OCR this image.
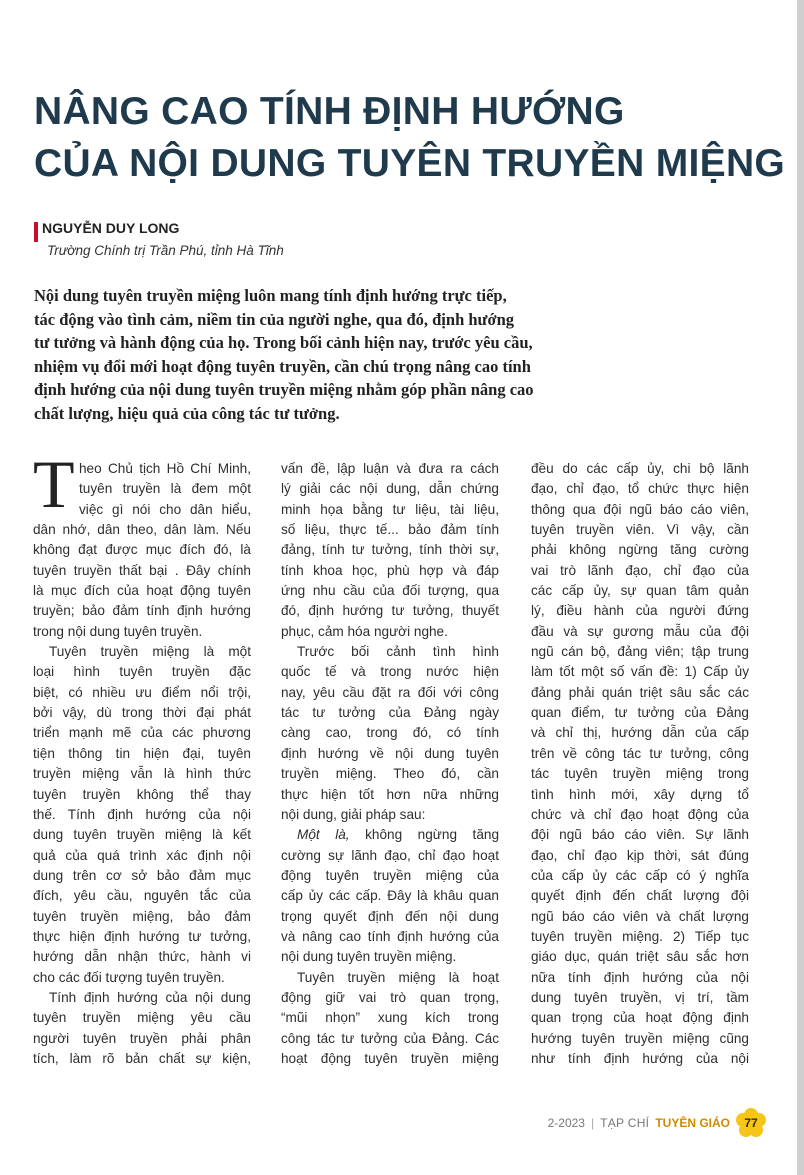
NÂNG CAO TÍNH ĐỊNH HƯỚNG
CỦA NỘI DUNG TUYÊN TRUYỀN MIỆNG
NGUYỄN DUY LONG
Trường Chính trị Trần Phú, tỉnh Hà Tĩnh
Nội dung tuyên truyền miệng luôn mang tính định hướng trực tiếp,
tác động vào tình cảm, niềm tin của người nghe, qua đó, định hướng
tư tưởng và hành động của họ. Trong bối cảnh hiện nay, trước yêu cầu,
nhiệm vụ đổi mới hoạt động tuyên truyền, cần chú trọng nâng cao tính
định hướng của nội dung tuyên truyền miệng nhằm góp phần nâng cao
chất lượng, hiệu quả của công tác tư tưởng.
T heo Chủ tịch Hồ Chí Minh,
tuyên truyền là đem một
việc gì nói cho dân hiểu,
dân nhớ, dân theo, dân làm. Nếu
không đạt được mục đích đó, là
tuyên truyền thất bại . Đây chính
là mục đích của hoạt động tuyên
truyền; bảo đảm tính định hướng
trong nội dung tuyên truyền.
Tuyên truyền miệng là một
loại hình tuyên truyền đặc
biệt, có nhiều ưu điểm nổi trội,
bởi vậy, dù trong thời đại phát
triển mạnh mẽ của các phương
tiện thông tin hiện đại, tuyên
truyền miệng vẫn là hình thức
tuyên truyền không thể thay
thế. Tính định hướng của nội
dung tuyên truyền miệng là kết
quả của quá trình xác định nội
dung trên cơ sở bảo đảm mục
đích, yêu cầu, nguyên tắc của
tuyên truyền miệng, bảo đảm
thực hiện định hướng tư tưởng,
hướng dẫn nhận thức, hành vi
cho các đối tượng tuyên truyền.
Tính định hướng của nội dung
tuyên truyền miệng yêu cầu
người tuyên truyền phải phân
tích, làm rõ bản chất sự kiện,
vấn đề, lập luận và đưa ra cách
lý giải các nội dung, dẫn chứng
minh họa bằng tư liệu, tài liệu,
số liệu, thực tế... bảo đảm tính
đảng, tính tư tưởng, tính thời sự,
tính khoa học, phù hợp và đáp
ứng nhu cầu của đối tượng, qua
đó, định hướng tư tưởng, thuyết
phục, cảm hóa người nghe.
Trước bối cảnh tình hình
quốc tế và trong nước hiện
nay, yêu cầu đặt ra đối với công
tác tư tưởng của Đảng ngày
càng cao, trong đó, có tính
định hướng về nội dung tuyên
truyền miệng. Theo đó, cần
thực hiện tốt hơn nữa những
nội dung, giải pháp sau:
Một là, không ngừng tăng
cường sự lãnh đạo, chỉ đạo hoạt
động tuyên truyền miệng của
cấp ủy các cấp. Đây là khâu quan
trọng quyết định đến nội dung
và nâng cao tính định hướng của
nội dung tuyên truyền miệng.
Tuyên truyền miệng là hoạt
động giữ vai trò quan trọng,
“mũi nhọn” xung kích trong
công tác tư tưởng của Đảng. Các
hoạt động tuyên truyền miệng
đều do các cấp ủy, chi bộ lãnh
đạo, chỉ đạo, tổ chức thực hiện
thông qua đội ngũ báo cáo viên,
tuyên truyền viên. Vì vậy, cần
phải không ngừng tăng cường
vai trò lãnh đạo, chỉ đạo của
các cấp ủy, sự quan tâm quản
lý, điều hành của người đứng
đầu và sự gương mẫu của đội
ngũ cán bộ, đảng viên; tập trung
làm tốt một số vấn đề: 1) Cấp ủy
đảng phải quán triệt sâu sắc các
quan điểm, tư tưởng của Đảng
và chỉ thị, hướng dẫn của cấp
trên về công tác tư tưởng, công
tác tuyên truyền miệng trong
tình hình mới, xây dựng tổ
chức và chỉ đạo hoạt động của
đội ngũ báo cáo viên. Sự lãnh
đạo, chỉ đạo kịp thời, sát đúng
của cấp ủy các cấp có ý nghĩa
quyết định đến chất lượng đội
ngũ báo cáo viên và chất lượng
tuyên truyền miệng. 2) Tiếp tục
giáo dục, quán triệt sâu sắc hơn
nữa tính định hướng của nội
dung tuyên truyền, vị trí, tầm
quan trọng của hoạt động định
hướng tuyên truyền miệng cũng
như tính định hướng của nội
2-2023 | TẠP CHÍ TUYÊN GIÁO	77
